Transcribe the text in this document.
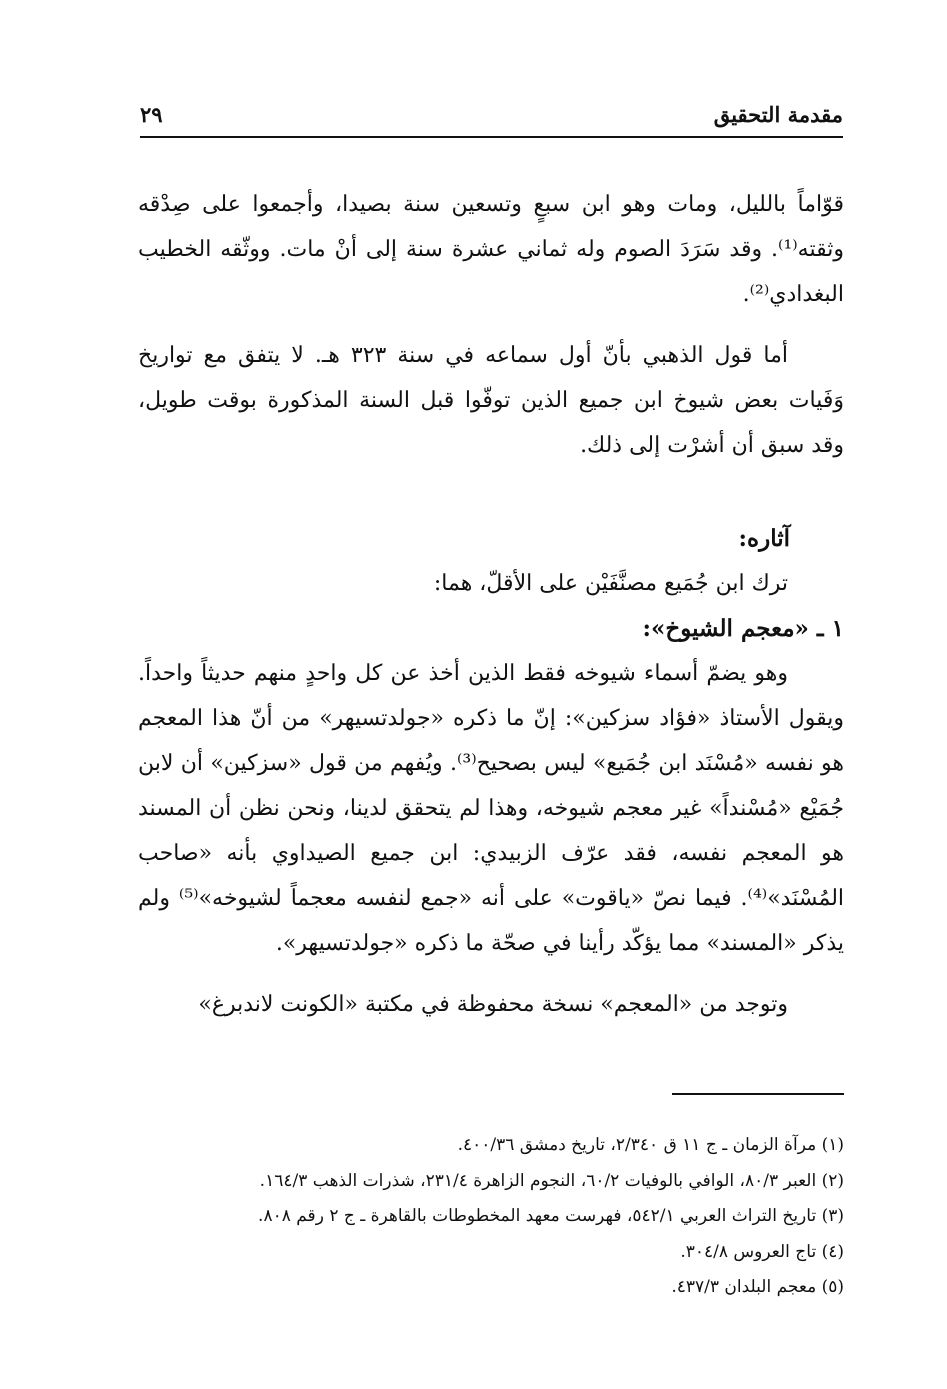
مقدمة التحقيق
٢٩

قوّاماً بالليل، ومات وهو ابن سبعٍ وتسعين سنة بصيدا، وأجمعوا على صِدْقه وثقته⁽¹⁾. وقد سَرَدَ الصوم وله ثماني عشرة سنة إلى أنْ مات. ووثّقه الخطيب البغدادي⁽²⁾.

أما قول الذهبي بأنّ أول سماعه في سنة ٣٢٣ هـ. لا يتفق مع تواريخ وَفَيات بعض شيوخ ابن جميع الذين توفّوا قبل السنة المذكورة بوقت طويل، وقد سبق أن أشرْت إلى ذلك.

آثاره:

ترك ابن جُمَيع مصنَّفَيْن على الأقلّ، هما:

١ ـ «معجم الشيوخ»:

وهو يضمّ أسماء شيوخه فقط الذين أخذ عن كل واحدٍ منهم حديثاً واحداً. ويقول الأستاذ «فؤاد سزكين»: إنّ ما ذكره «جولدتسيهر» من أنّ هذا المعجم هو نفسه «مُسْنَد ابن جُمَيع» ليس بصحيح⁽³⁾. ويُفهم من قول «سزكين» أن لابن جُمَيْع «مُسْنداً» غير معجم شيوخه، وهذا لم يتحقق لدينا، ونحن نظن أن المسند هو المعجم نفسه، فقد عرّف الزبيدي: ابن جميع الصيداوي بأنه «صاحب المُسْنَد»⁽⁴⁾. فيما نصّ «ياقوت» على أنه «جمع لنفسه معجماً لشيوخه»⁽⁵⁾ ولم يذكر «المسند» مما يؤكّد رأينا في صحّة ما ذكره «جولدتسيهر».

وتوجد من «المعجم» نسخة محفوظة في مكتبة «الكونت لاندبرغ»

(١) مرآة الزمان ـ ج ١١ ق ٢/٣٤٠، تاريخ دمشق ٤٠٠/٣٦.

(٢) العبر ٨٠/٣، الوافي بالوفيات ٦٠/٢، النجوم الزاهرة ٢٣١/٤، شذرات الذهب ١٦٤/٣.

(٣) تاريخ التراث العربي ٥٤٢/١، فهرست معهد المخطوطات بالقاهرة ـ ج ٢ رقم ٨٠٨.

(٤) تاج العروس ٣٠٤/٨.

(٥) معجم البلدان ٤٣٧/٣.
